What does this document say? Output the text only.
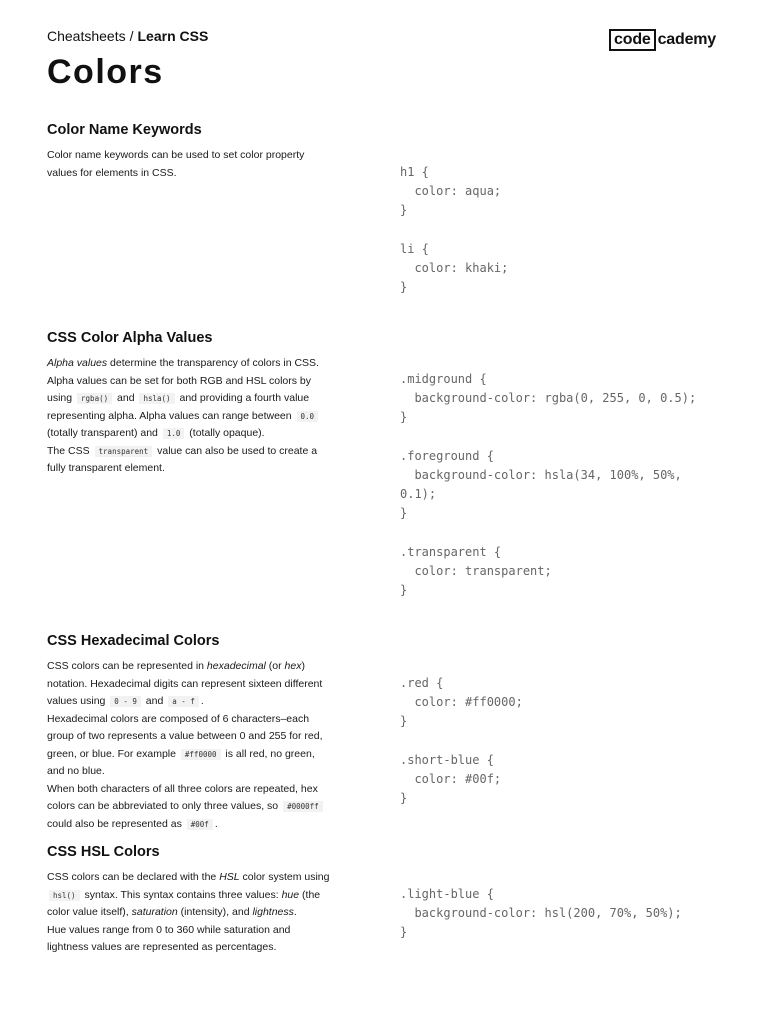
Cheatsheets / Learn CSS	code cademy
Colors
Color Name Keywords

Color name keywords can be used to set color property values for elements in CSS.	h1 {
color: aqua;
}

li {
color: khaki;
}
CSS Color Alpha Values

Alpha values determine the transparency of colors in CSS. Alpha values can be set for both RGB and HSL colors by using rgba() and hsla() and providing a fourth value representing alpha. Alpha values can range between 0.0 (totally transparent) and 1.0 (totally opaque).

The CSS transparent value can also be used to create a fully transparent element.

.midground {
background-color: rgba(0, 255, 0, 0.5);
}

.foreground {
background-color: hsla(34, 100%, 50%,
0.1);
}

.transparent {
color: transparent;
}
CSS Hexadecimal Colors

CSS colors can be represented in hexadecimal (or hex) notation. Hexadecimal digits can represent sixteen different values using 0 - 9 and a - f .

Hexadecimal colors are composed of 6 characters–each group of two represents a value between 0 and 255 for red, green, or blue. For example #ff0000 is all red, no green, and no blue.

When both characters of all three colors are repeated, hex colors can be abbreviated to only three values, so #0000ff could also be represented as #00f .

.red {
color: #ff0000;
}

.short-blue {
color: #00f;
}
CSS HSL Colors

CSS colors can be declared with the HSL color system using hsl() syntax. This syntax contains three values: hue (the color value itself), saturation (intensity), and lightness.

Hue values range from 0 to 360 while saturation and lightness values are represented as percentages.

.light-blue {
background-color: hsl(200, 70%, 50%);
}
